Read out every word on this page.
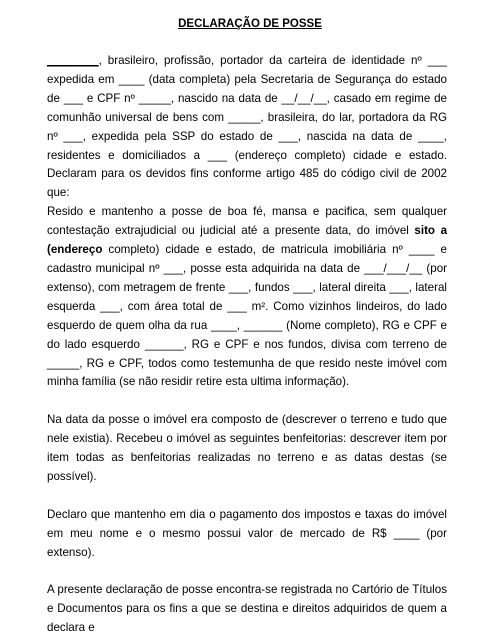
DECLARAÇÃO DE POSSE

________, brasileiro, profissão, portador da carteira de identidade nº ___ expedida em ____ (data completa) pela Secretaria de Segurança do estado de ___ e CPF nº _____, nascido na data de __/__/__, casado em regime de comunhão universal de bens com _____, brasileira, do lar, portadora da RG nº ___, expedida pela SSP do estado de ___, nascida na data de ____, residentes e domiciliados a ___ (endereço completo) cidade e estado. Declaram para os devidos fins conforme artigo 485 do código civil de 2002 que:

Resido e mantenho a posse de boa fé, mansa e pacifica, sem qualquer contestação extrajudicial ou judicial até a presente data, do imóvel sito a (endereço completo) cidade e estado, de matricula imobiliária nº ____ e cadastro municipal nº ___, posse esta adquirida na data de ___/___/__ (por extenso), com metragem de frente ___, fundos ___, lateral direita ___, lateral esquerda ___, com área total de ___ m². Como vizinhos lindeiros, do lado esquerdo de quem olha da rua ____, ______ (Nome completo), RG e CPF e do lado esquerdo ______, RG e CPF e nos fundos, divisa com terreno de _____, RG e CPF, todos como testemunha de que resido neste imóvel com minha família (se não residir retire esta ultima informação).

Na data da posse o imóvel era composto de (descrever o terreno e tudo que nele existia). Recebeu o imóvel as seguintes benfeitorias: descrever item por item todas as benfeitorias realizadas no terreno e as datas destas (se possível).

Declaro que mantenho em dia o pagamento dos impostos e taxas do imóvel em meu nome e o mesmo possui valor de mercado de R$ ____ (por extenso).

A presente declaração de posse encontra-se registrada no Cartório de Títulos e Documentos para os fins a que se destina e direitos adquiridos de quem a declara e
